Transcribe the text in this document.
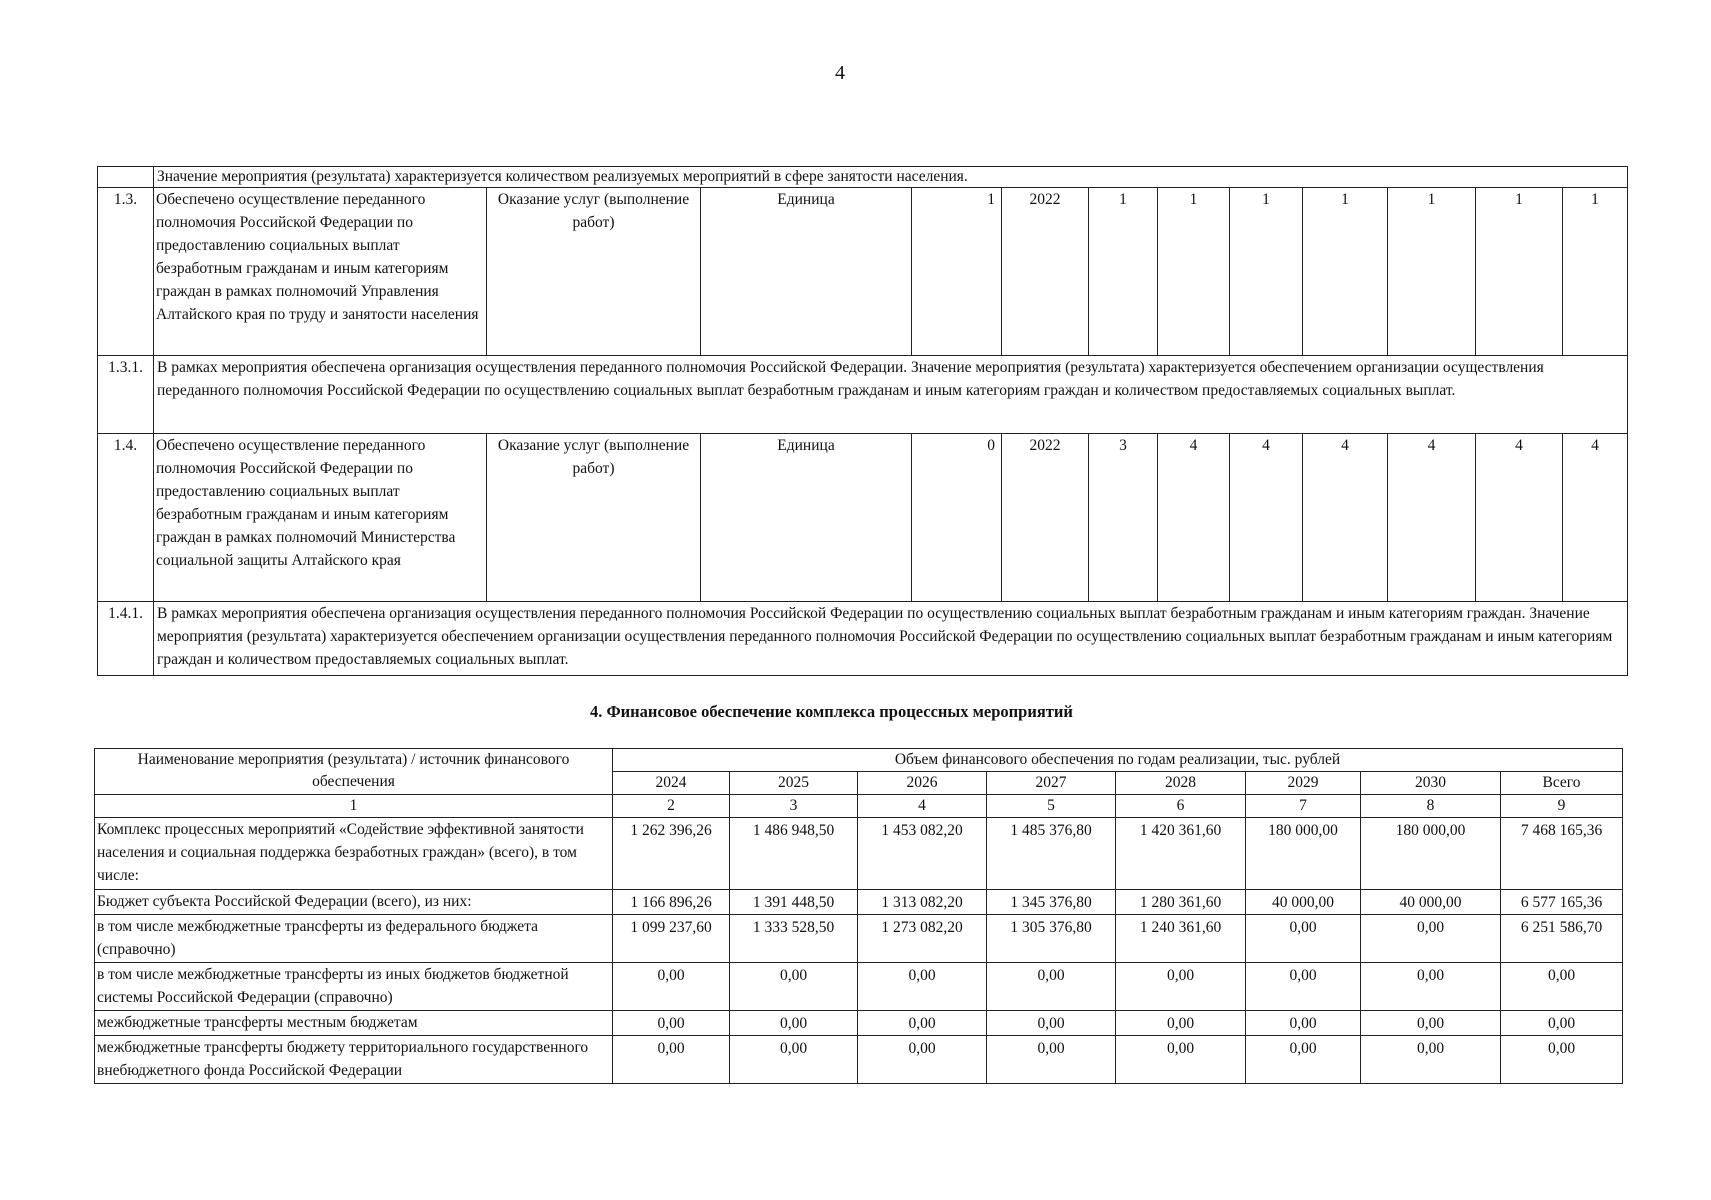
4
	Значение мероприятия (результата) характеризуется количеством реализуемых мероприятий в сфере занятости населения.											
1.3.	Обеспечено осуществление переданного полномочия Российской Федерации по предоставлению социальных выплат безработным гражданам и иным категориям граждан в рамках полномочий Управления Алтайского края по труду и занятости населения	Оказание услуг (выполнение работ)	Единица	1	2022	1	1	1	1	1	1	1
1.3.1.	В рамках мероприятия обеспечена организация осуществления переданного полномочия Российской Федерации. Значение мероприятия (результата) характеризуется обеспечением организации осуществления переданного полномочия Российской Федерации по осуществлению социальных выплат безработным гражданам и иным категориям граждан и количеством предоставляемых социальных выплат.											
1.4.	Обеспечено осуществление переданного полномочия Российской Федерации по предоставлению социальных выплат безработным гражданам и иным категориям граждан в рамках полномочий Министерства социальной защиты Алтайского края	Оказание услуг (выполнение работ)	Единица	0	2022	3	4	4	4	4	4	4
1.4.1.	В рамках мероприятия обеспечена организация осуществления переданного полномочия Российской Федерации по осуществлению социальных выплат безработным гражданам и иным категориям граждан. Значение мероприятия (результата) характеризуется обеспечением организации осуществления переданного полномочия Российской Федерации по осуществлению социальных выплат безработным гражданам и иным категориям граждан и количеством предоставляемых социальных выплат.											
4. Финансовое обеспечение комплекса процессных мероприятий
Наименование мероприятия (результата) / источник финансового обеспечения	Объем финансового обеспечения по годам реализации, тыс. рублей							
	2024	2025	2026	2027	2028	2029	2030	Всего
1	2	3	4	5	6	7	8	9
Комплекс процессных мероприятий «Содействие эффективной занятости населения и социальная поддержка безработных граждан» (всего), в том числе:	1 262 396,26	1 486 948,50	1 453 082,20	1 485 376,80	1 420 361,60	180 000,00	180 000,00	7 468 165,36
Бюджет субъекта Российской Федерации (всего), из них:	1 166 896,26	1 391 448,50	1 313 082,20	1 345 376,80	1 280 361,60	40 000,00	40 000,00	6 577 165,36
в том числе межбюджетные трансферты из федерального бюджета (справочно)	1 099 237,60	1 333 528,50	1 273 082,20	1 305 376,80	1 240 361,60	0,00	0,00	6 251 586,70
в том числе межбюджетные трансферты из иных бюджетов бюджетной системы Российской Федерации (справочно)	0,00	0,00	0,00	0,00	0,00	0,00	0,00	0,00
межбюджетные трансферты местным бюджетам	0,00	0,00	0,00	0,00	0,00	0,00	0,00	0,00
межбюджетные трансферты бюджету территориального государственного внебюджетного фонда Российской Федерации	0,00	0,00	0,00	0,00	0,00	0,00	0,00	0,00
